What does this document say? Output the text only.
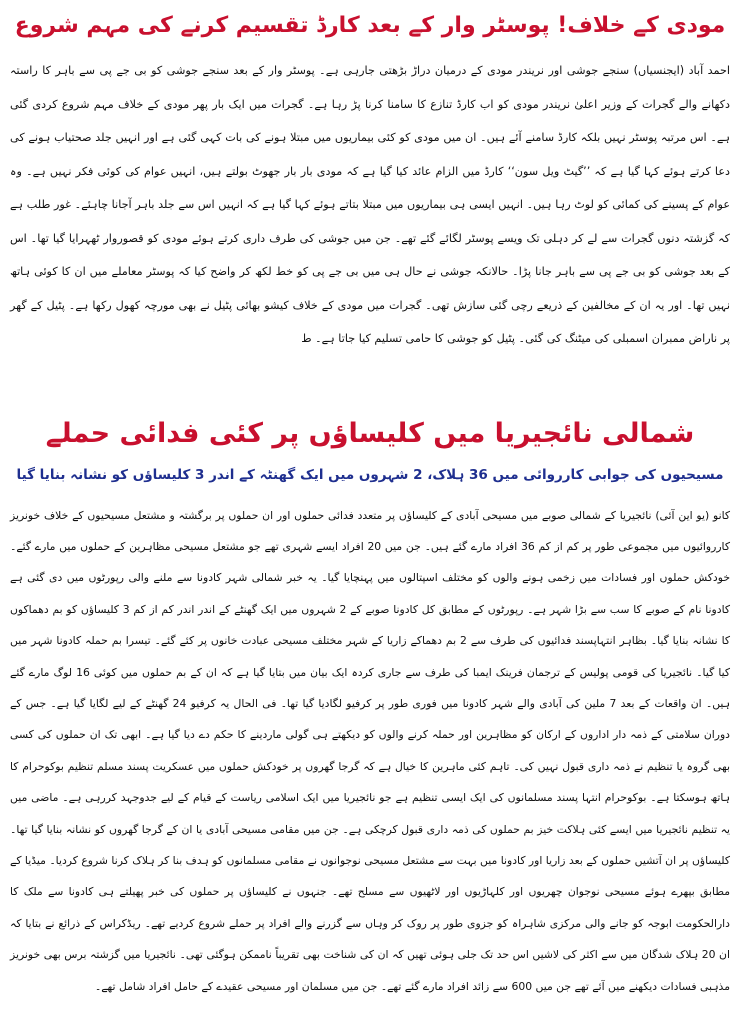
مودی کے خلاف! پوسٹر وار کے بعد کارڈ تقسیم کرنے کی مہم شروع

احمد آباد (ایجنسیاں) سنجے جوشی اور نریندر مودی کے درمیان دراڑ بڑھتی جارہی ہے۔ پوسٹر وار کے بعد سنجے جوشی کو بی جے پی سے باہر کا راستہ دکھانے والے گجرات کے وزیر اعلیٰ نریندر مودی کو اب کارڈ تنازع کا سامنا کرنا پڑ رہا ہے۔ گجرات میں ایک بار پھر مودی کے خلاف مہم شروع کردی گئی ہے۔ اس مرتبہ پوسٹر نہیں بلکہ کارڈ سامنے آئے ہیں۔ ان میں مودی کو کئی بیماریوں میں مبتلا ہونے کی بات کہی گئی ہے اور انہیں جلد صحتیاب ہونے کی دعا کرتے ہوئے کہا گیا ہے کہ ’’گیٹ ویل سون‘‘ کارڈ میں الزام عائد کیا گیا ہے کہ مودی بار بار جھوٹ بولتے ہیں، انہیں عوام کی کوئی فکر نہیں ہے۔ وہ عوام کے پسینے کی کمائی کو لوٹ رہا ہیں۔ انہیں ایسی ہی بیماریوں میں مبتلا بتاتے ہوئے کہا گیا ہے کہ انہیں اس سے جلد باہر آجانا چاہئے۔ غور طلب ہے کہ گزشتہ دنوں گجرات سے لے کر دہلی تک ویسے پوسٹر لگائے گئے تھے۔ جن میں جوشی کی طرف داری کرتے ہوئے مودی کو قصوروار ٹھہرایا گیا تھا۔ اس کے بعد جوشی کو بی جے پی سے باہر جانا پڑا۔ حالانکہ جوشی نے حال ہی میں بی جے پی کو خط لکھ کر واضح کیا کہ پوسٹر معاملے میں ان کا کوئی ہاتھ نہیں تھا۔ اور یہ ان کے مخالفین کے ذریعے رچی گئی سازش تھی۔ گجرات میں مودی کے خلاف کیشو بھائی پٹیل نے بھی مورچہ کھول رکھا ہے۔ پٹیل کے گھر پر ناراض ممبران اسمبلی کی میٹنگ کی گئی۔ پٹیل کو جوشی کا حامی تسلیم کیا جاتا ہے۔ ط

شمالی نائجیریا میں کلیساؤں پر کئی فدائی حملے
مسیحیوں کی جوابی کارروائی میں 36 ہلاک، 2 شہروں میں ایک گھنٹہ کے اندر 3 کلیساؤں کو نشانہ بنایا گیا

کانو (یو این آئی) نائجیریا کے شمالی صوبے میں مسیحی آبادی کے کلیساؤں پر متعدد فدائی حملوں اور ان حملوں پر برگشتہ و مشتعل مسیحیوں کے خلاف خونریز کارروائیوں میں مجموعی طور پر کم از کم 36 افراد مارے گئے ہیں۔ جن میں 20 افراد ایسے شہری تھے جو مشتعل مسیحی مظاہرین کے حملوں میں مارے گئے۔ خودکش حملوں اور فسادات میں زخمی ہونے والوں کو مختلف اسپتالوں میں پہنچایا گیا۔ یہ خبر شمالی شہر کادونا سے ملنے والی رپورٹوں میں دی گئی ہے کادونا نام کے صوبے کا سب سے بڑا شہر ہے۔ رپورٹوں کے مطابق کل کادونا صوبے کے 2 شہروں میں ایک گھنٹے کے اندر اندر کم از کم 3 کلیساؤں کو بم دھماکوں کا نشانہ بنایا گیا۔ بظاہر انتہاپسند فدائیوں کی طرف سے 2 بم دھماکے زاریا کے شہر مختلف مسیحی عبادت خانوں پر کئے گئے۔ تیسرا بم حملہ کادونا شہر میں کیا گیا۔ نائجیریا کی قومی پولیس کے ترجمان فرینک ایمبا کی طرف سے جاری کردہ ایک بیان میں بتایا گیا ہے کہ ان کے بم حملوں میں کوئی 16 لوگ مارے گئے ہیں۔ ان واقعات کے بعد 7 ملین کی آبادی والے شہر کادونا میں فوری طور پر کرفیو لگادیا گیا تھا۔ فی الحال یہ کرفیو 24 گھنٹے کے لیے لگایا گیا ہے۔ جس کے دوران سلامتی کے ذمہ دار اداروں کے ارکان کو مظاہرین اور حملہ کرنے والوں کو دیکھتے ہی گولی ماردینے کا حکم دے دیا گیا ہے۔ ابھی تک ان حملوں کی کسی بھی گروہ یا تنظیم نے ذمہ داری قبول نہیں کی۔ تاہم کئی ماہرین کا خیال ہے کہ گرجا گھروں پر خودکش حملوں میں عسکریت پسند مسلم تنظیم بوکوحرام کا ہاتھ ہوسکتا ہے۔ بوکوحرام انتہا پسند مسلمانوں کی ایک ایسی تنظیم ہے جو نائجیریا میں ایک اسلامی ریاست کے قیام کے لیے جدوجہد کررہی ہے۔ ماضی میں یہ تنظیم نائجیریا میں ایسے کئی ہلاکت خیز بم حملوں کی ذمہ داری قبول کرچکی ہے۔ جن میں مقامی مسیحی آبادی یا ان کے گرجا گھروں کو نشانہ بنایا گیا تھا۔ کلیساؤں پر ان آتشیں حملوں کے بعد زاریا اور کادونا میں بہت سے مشتعل مسیحی نوجوانوں نے مقامی مسلمانوں کو ہدف بنا کر ہلاک کرنا شروع کردیا۔ میڈیا کے مطابق بپھرے ہوئے مسیحی نوجوان چھریوں اور کلہاڑیوں اور لاٹھیوں سے مسلح تھے۔ جنہوں نے کلیساؤں پر حملوں کی خبر پھیلتے ہی کادونا سے ملک کا دارالحکومت ابوجہ کو جانے والی مرکزی شاہراہ کو جزوی طور پر روک کر وہاں سے گزرنے والے افراد پر حملے شروع کردیے تھے۔ ریڈکراس کے ذرائع نے بتایا کہ ان 20 ہلاک شدگان میں سے اکثر کی لاشیں اس حد تک جلی ہوئی تھیں کہ ان کی شناخت بھی تقریباً ناممکن ہوگئی تھی۔ نائجیریا میں گزشتہ برس بھی خونریز مذہبی فسادات دیکھنے میں آئے تھے جن میں 600 سے زائد افراد مارے گئے تھے۔ جن میں مسلمان اور مسیحی عقیدے کے حامل افراد شامل تھے۔
